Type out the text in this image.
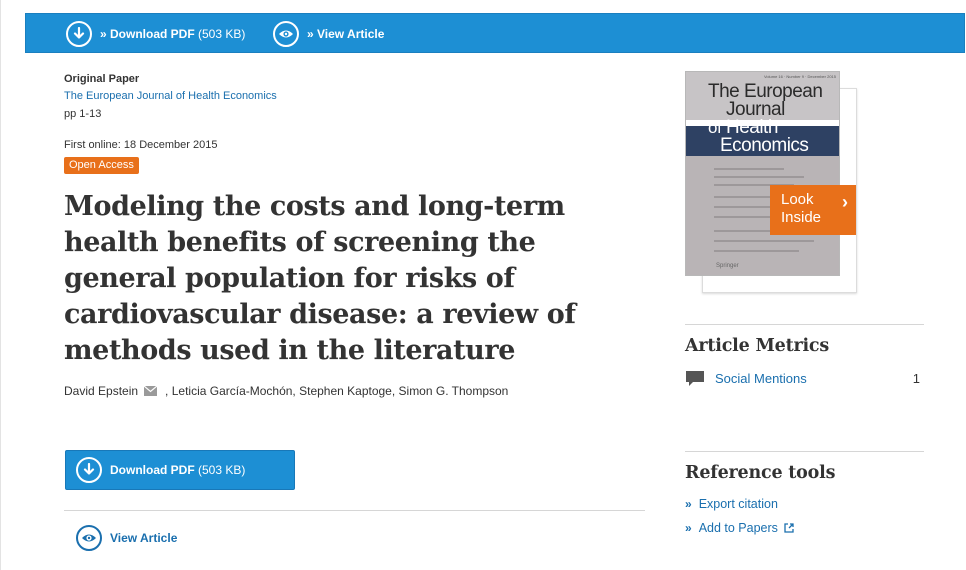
» Download PDF (503 KB)	» View Article
Original Paper
The European Journal of Health Economics
pp 1-13
First online: 18 December 2015
Open Access
Modeling the costs and long-term health benefits of screening the general population for risks of cardiovascular disease: a review of methods used in the literature
David Epstein , Leticia García-Mochón, Stephen Kaptoge, Simon G. Thompson
Download PDF (503 KB)
View Article
Volume 16 · Number 9 · December 2015
The European
Journal
of Health
Economics
Springer
Look
Inside
›
Article Metrics
Social Mentions	1
Reference tools
» Export citation
» Add to Papers
